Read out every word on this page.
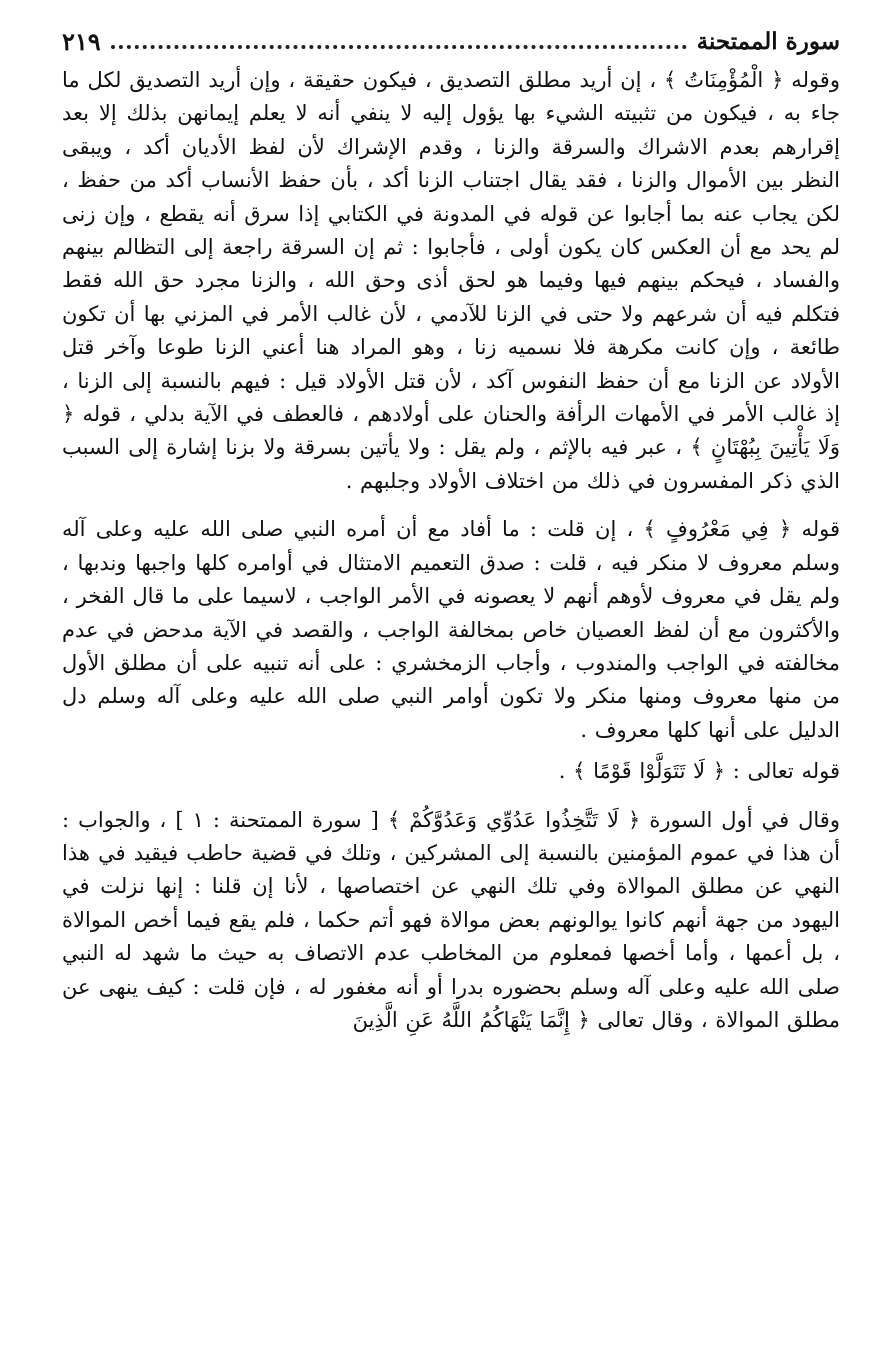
سورة الممتحنة
٢١٩

وقوله ﴿ الْمُؤْمِنَاتُ ﴾ ، إن أريد مطلق التصديق ، فيكون حقيقة ، وإن أريد التصديق لكل ما جاء به ، فيكون من تثبيته الشيء بها يؤول إليه لا ينفي أنه لا يعلم إيمانهن بذلك إلا بعد إقرارهم بعدم الاشراك والسرقة والزنا ، وقدم الإشراك لأن لفظ الأديان أكد ، ويبقى النظر بين الأموال والزنا ، فقد يقال اجتناب الزنا أكد ، بأن حفظ الأنساب أكد من حفظ ، لكن يجاب عنه بما أجابوا عن قوله في المدونة في الكتابي إذا سرق أنه يقطع ، وإن زنى لم يحد مع أن العكس كان يكون أولى ، فأجابوا : ثم إن السرقة راجعة إلى التظالم بينهم والفساد ، فيحكم بينهم فيها وفيما هو لحق أذى وحق الله ، والزنا مجرد حق الله فقط فتكلم فيه أن شرعهم ولا حتى في الزنا للآدمي ، لأن غالب الأمر في المزني بها أن تكون طائعة ، وإن كانت مكرهة فلا نسميه زنا ، وهو المراد هنا أعني الزنا طوعا وآخر قتل الأولاد عن الزنا مع أن حفظ النفوس آكد ، لأن قتل الأولاد قيل : فيهم بالنسبة إلى الزنا ، إذ غالب الأمر في الأمهات الرأفة والحنان على أولادهم ، فالعطف في الآية بدلي ، قوله ﴿ وَلَا يَأْتِينَ بِبُهْتَانٍ ﴾ ، عبر فيه بالإثم ، ولم يقل : ولا يأتين بسرقة ولا بزنا إشارة إلى السبب الذي ذكر المفسرون في ذلك من اختلاف الأولاد وجلبهم .

قوله ﴿ فِي مَعْرُوفٍ ﴾ ، إن قلت : ما أفاد مع أن أمره النبي صلى الله عليه وعلى آله وسلم معروف لا منكر فيه ، قلت : صدق التعميم الامتثال في أوامره كلها واجبها وندبها ، ولم يقل في معروف لأوهم أنهم لا يعصونه في الأمر الواجب ، لاسيما على ما قال الفخر ، والأكثرون مع أن لفظ العصيان خاص بمخالفة الواجب ، والقصد في الآية مدحض في عدم مخالفته في الواجب والمندوب ، وأجاب الزمخشري : على أنه تنبيه على أن مطلق الأول من منها معروف ومنها منكر ولا تكون أوامر النبي صلى الله عليه وعلى آله وسلم دل الدليل على أنها كلها معروف .

قوله تعالى : ﴿ لَا تَتَوَلَّوْا قَوْمًا ﴾ .

وقال في أول السورة ﴿ لَا تَتَّخِذُوا عَدُوِّي وَعَدُوَّكُمْ ﴾ [ سورة الممتحنة : ١ ] ، والجواب : أن هذا في عموم المؤمنين بالنسبة إلى المشركين ، وتلك في قضية حاطب فيقيد في هذا النهي عن مطلق الموالاة وفي تلك النهي عن اختصاصها ، لأنا إن قلنا : إنها نزلت في اليهود من جهة أنهم كانوا يوالونهم بعض موالاة فهو أتم حكما ، فلم يقع فيما أخص الموالاة ، بل أعمها ، وأما أخصها فمعلوم من المخاطب عدم الاتصاف به حيث ما شهد له النبي صلى الله عليه وعلى آله وسلم بحضوره بدرا أو أنه مغفور له ، فإن قلت : كيف ينهى عن مطلق الموالاة ، وقال تعالى ﴿ إِنَّمَا يَنْهَاكُمُ اللَّهُ عَنِ الَّذِينَ
